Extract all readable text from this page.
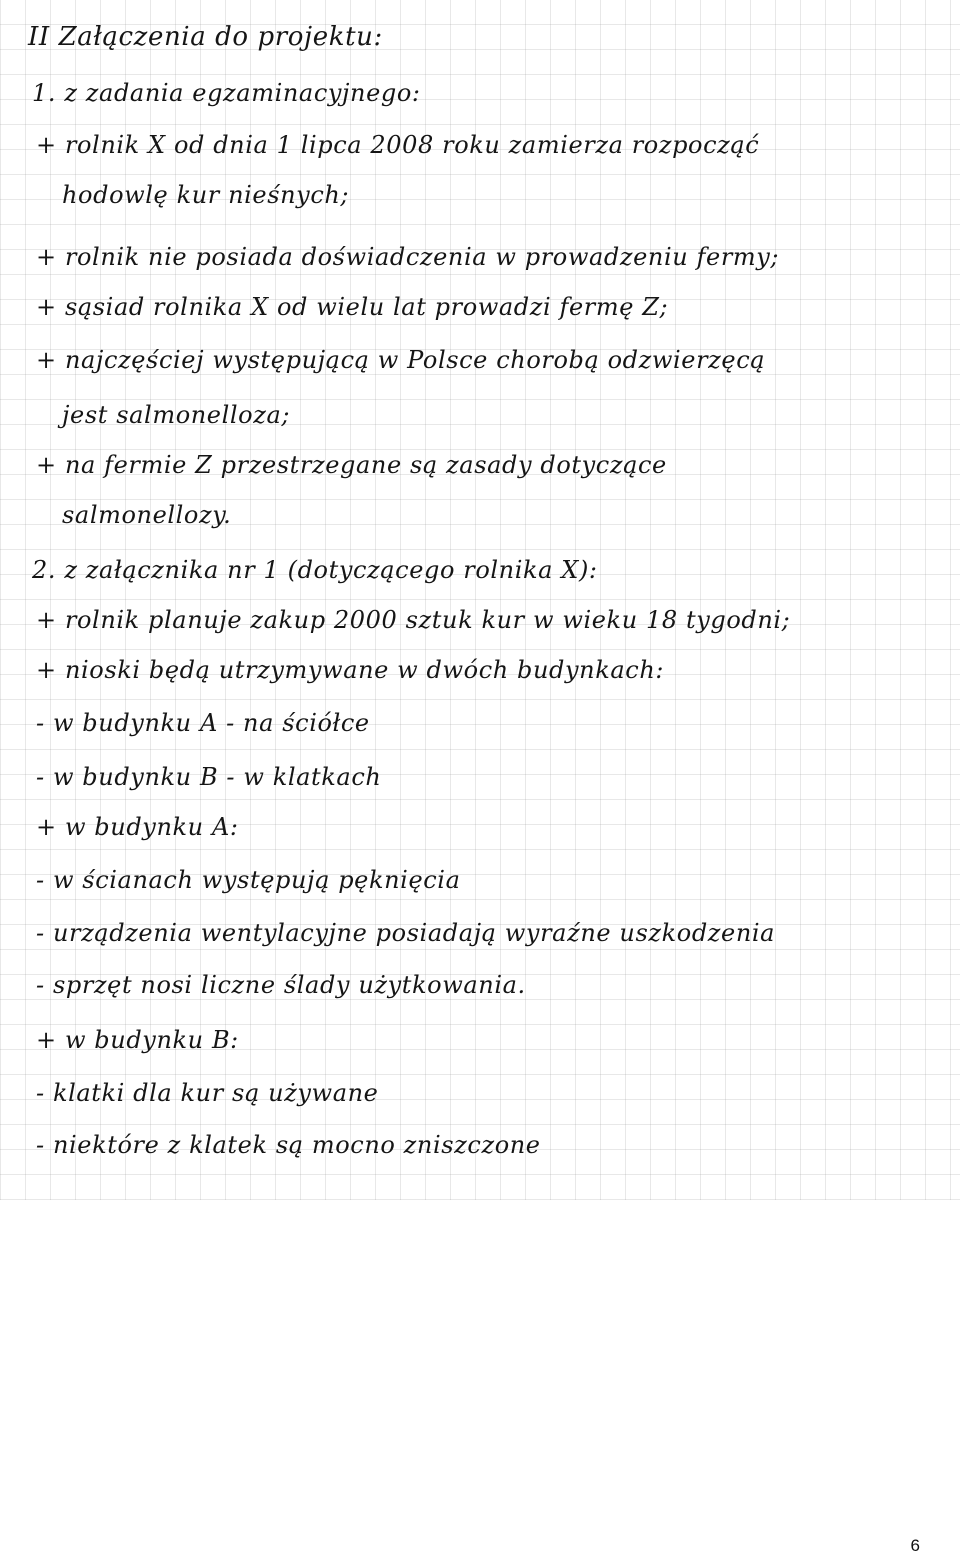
II Załączenia do projektu:
1. z zadania egzaminacyjnego:
+ rolnik X od dnia 1 lipca 2008 roku zamierza rozpocząć
hodowlę kur nieśnych;
+ rolnik nie posiada doświadczenia w prowadzeniu fermy;
+ sąsiad rolnika X od wielu lat prowadzi fermę Z;
+ najczęściej występującą w Polsce chorobą odzwierzęcą
jest salmonelloza;
+ na fermie Z przestrzegane są zasady dotyczące
salmonellozy.
2. z załącznika nr 1 (dotyczącego rolnika X):
+ rolnik planuje zakup 2000 sztuk kur w wieku 18 tygodni;
+ nioski będą utrzymywane w dwóch budynkach:
- w budynku A - na ściółce
- w budynku B - w klatkach
+ w budynku A:
- w ścianach występują pęknięcia
- urządzenia wentylacyjne posiadają wyraźne uszkodzenia
- sprzęt nosi liczne ślady użytkowania.
+ w budynku B:
- klatki dla kur są używane
- niektóre z klatek są mocno zniszczone
6
